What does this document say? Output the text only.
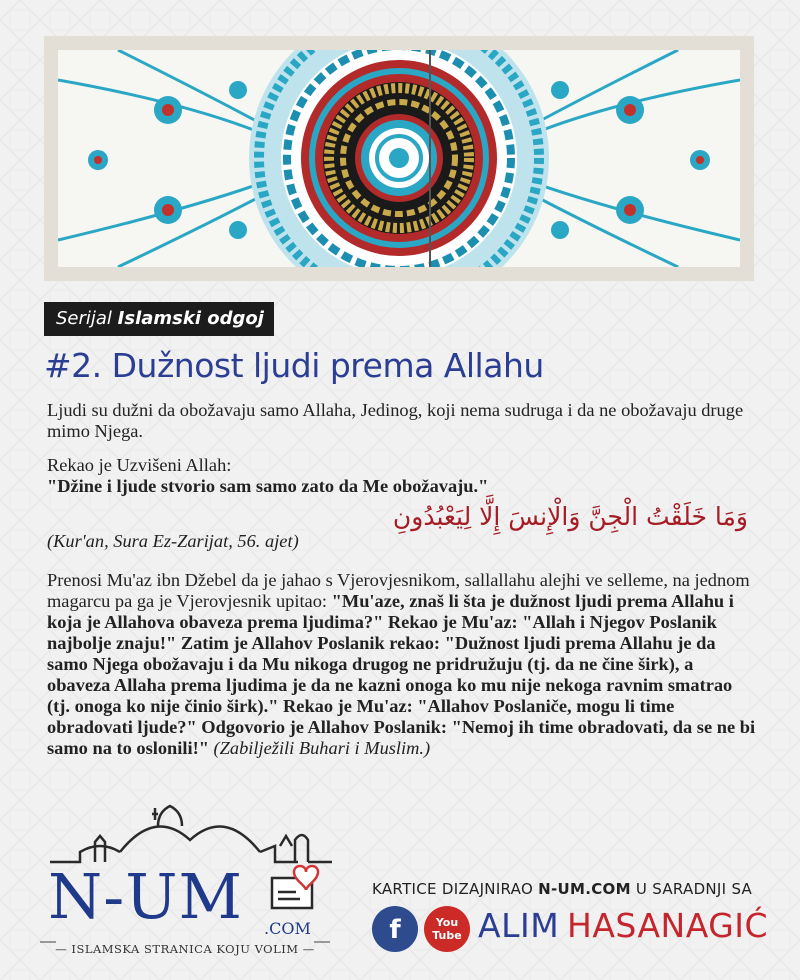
Serijal Islamski odgoj
#2. Dužnost ljudi prema Allahu
Ljudi su dužni da obožavaju samo Allaha, Jedinog, koji nema sudruga i da ne obožavaju druge mimo Njega.
Rekao je Uzvišeni Allah:
"Džine i ljude stvorio sam samo zato da Me obožavaju."
وَمَا خَلَقْتُ الْجِنَّ وَالْإِنسَ إِلَّا لِيَعْبُدُونِ
(Kur'an, Sura Ez-Zarijat, 56. ajet)
Prenosi Mu'az ibn Džebel da je jahao s Vjerovjesnikom, sallallahu alejhi ve selleme, na jednom magarcu pa ga je Vjerovjesnik upitao: "Mu'aze, znaš li šta je dužnost ljudi prema Allahu i koja je Allahova obaveza prema ljudima?" Rekao je Mu'az: "Allah i Njegov Poslanik najbolje znaju!" Zatim je Allahov Poslanik rekao: "Dužnost ljudi prema Allahu je da samo Njega obožavaju i da Mu nikoga drugog ne pridružuju (tj. da ne čine širk), a obaveza Allaha prema ljudima je da ne kazni onoga ko mu nije nekoga ravnim smatrao (tj. onoga ko nije činio širk)." Rekao je Mu'az: "Allahov Poslaniče, mogu li time obradovati ljude?" Odgovorio je Allahov Poslanik: "Nemoj ih time obradovati, da se ne bi samo na to oslonili!" (Zabilježili Buhari i Muslim.)
N-UM .COM
— ISLAMSKA STRANICA KOJU VOLIM —
KARTICE DIZAJNIRAO N-UM.COM U SARADNJI SA
f	You
Tube ALIM HASANAGIĆ
